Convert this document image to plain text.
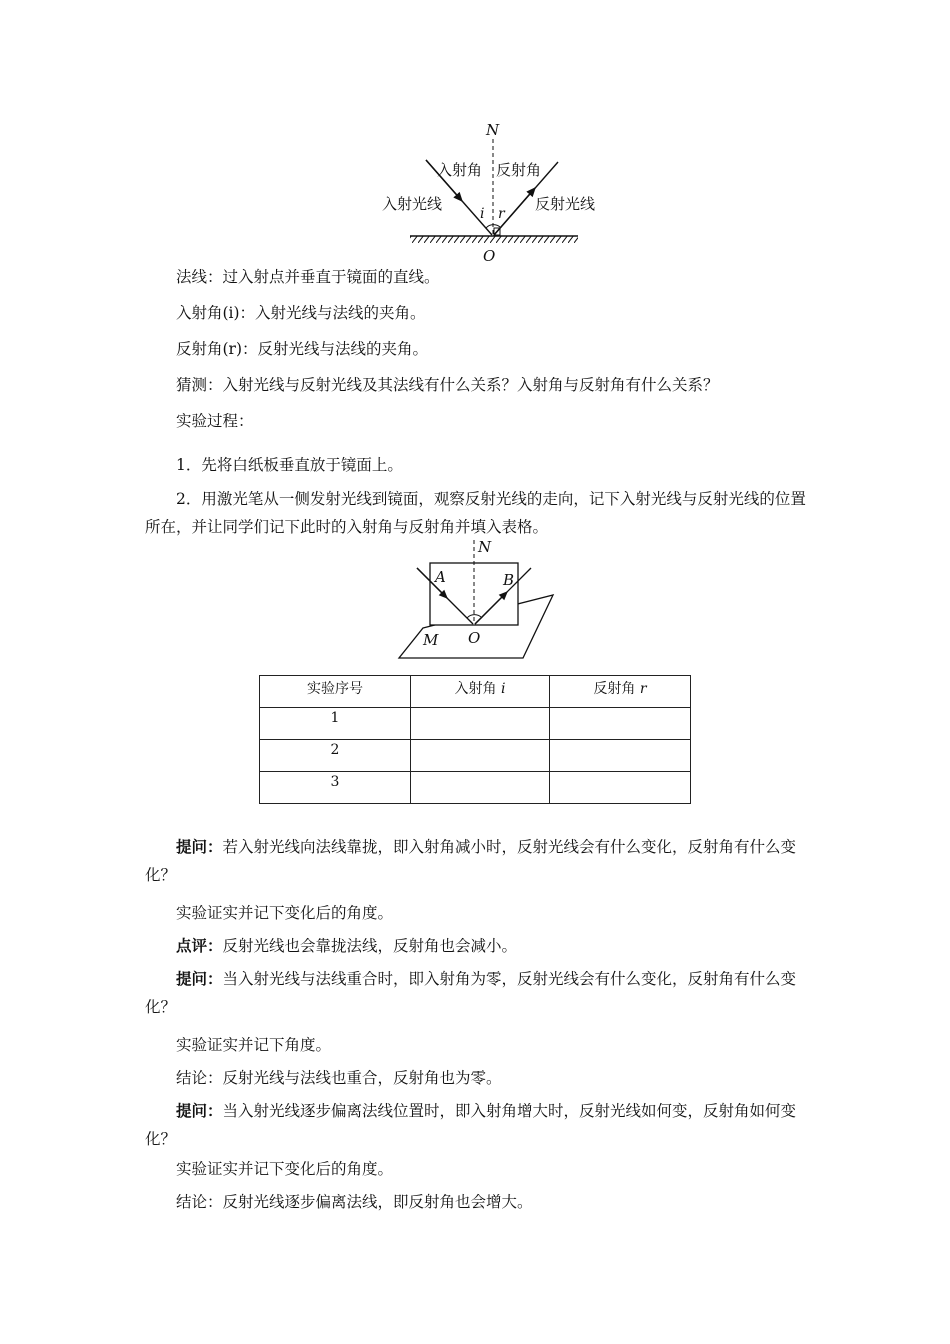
N
入射角 反射角
入射光线	反射光线
i r
O
法线：过入射点并垂直于镜面的直线。
入射角(i)：入射光线与法线的夹角。
反射角(r)：反射光线与法线的夹角。
猜测：入射光线与反射光线及其法线有什么关系？入射角与反射角有什么关系？
实验过程：
1．先将白纸板垂直放于镜面上。
2．用激光笔从一侧发射光线到镜面，观察反射光线的走向，记下入射光线与反射光线的位置所在，并让同学们记下此时的入射角与反射角并填入表格。
N
A	B
M O
实验序号	入射角 i	反射角 r
1		
2		
3		
提问：若入射光线向法线靠拢，即入射角减小时，反射光线会有什么变化，反射角有什么变化？
实验证实并记下变化后的角度。
点评：反射光线也会靠拢法线，反射角也会减小。
提问：当入射光线与法线重合时，即入射角为零，反射光线会有什么变化，反射角有什么变化？
实验证实并记下角度。
结论：反射光线与法线也重合，反射角也为零。
提问：当入射光线逐步偏离法线位置时，即入射角增大时，反射光线如何变，反射角如何变化？
实验证实并记下变化后的角度。
结论：反射光线逐步偏离法线，即反射角也会增大。
